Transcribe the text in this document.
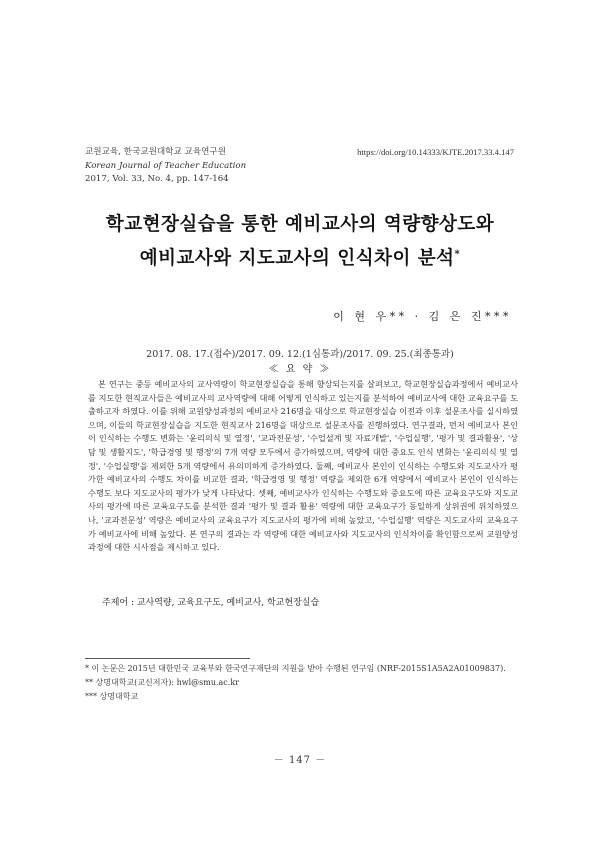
교원교육, 한국교원대학교 교육연구원
Korean Journal of Teacher Education
2017, Vol. 33, No. 4, pp. 147-164
https://doi.org/10.14333/KJTE.2017.33.4.147
학교현장실습을 통한 예비교사의 역량향상도와
예비교사와 지도교사의 인식차이 분석*
이 현 우** · 김 은 진***
2017. 08. 17.(접수)/2017. 09. 12.(1심통과)/2017. 09. 25.(최종통과)
≪ 요 약 ≫
본 연구는 중등 예비교사의 교사역량이 학교현장실습을 통해 향상되는지를 살펴보고, 학교현장실습과정에서 예비교사를 지도한 현직교사들은 예비교사의 교사역량에 대해 어떻게 인식하고 있는지를 분석하여 예비교사에 대한 교육요구를 도출하고자 하였다. 이를 위해 교원양성과정의 예비교사 216명을 대상으로 학교현장실습 이전과 이후 설문조사를 실시하였으며, 이들의 학교현장실습을 지도한 현직교사 216명을 대상으로 설문조사를 진행하였다. 연구결과, 먼저 예비교사 본인이 인식하는 수행도 변화는 '윤리의식 및 열정', '교과전문성', '수업설계 및 자료개발', '수업실행', '평가 및 결과활용', '상담 및 생활지도', '학급경영 및 행정'의 7개 역량 모두에서 증가하였으며, 역량에 대한 중요도 인식 변화는 '윤리의식 및 열정', '수업실행'을 제외한 5개 역량에서 유의미하게 증가하였다. 둘째, 예비교사 본인이 인식하는 수행도와 지도교사가 평가한 예비교사의 수행도 차이를 비교한 결과, '학급경영 및 행정' 역량을 제외한 6개 역량에서 예비교사 본인이 인식하는 수행도 보다 지도교사의 평가가 낮게 나타났다. 셋째, 예비교사가 인식하는 수행도와 중요도에 따른 교육요구도와 지도교사의 평가에 따른 교육요구도를 분석한 결과 '평가 및 결과 활용' 역량에 대한 교육요구가 동일하게 상위권에 위치하였으나, '교과전문성' 역량은 예비교사의 교육요구가 지도교사의 평가에 비해 높았고, '수업실행' 역량은 지도교사의 교육요구가 예비교사에 비해 높았다. 본 연구의 결과는 각 역량에 대한 예비교사와 지도교사의 인식차이를 확인함으로써 교원양성과정에 대한 시사점을 제시하고 있다.
주제어 : 교사역량, 교육요구도, 예비교사, 학교현장실습
* 이 논문은 2015년 대한민국 교육부와 한국연구재단의 지원을 받아 수행된 연구임 (NRF-2015S1A5A2A01009837).
** 상명대학교(교신저자): hwl@smu.ac.kr
*** 상명대학교
－ 147 －
